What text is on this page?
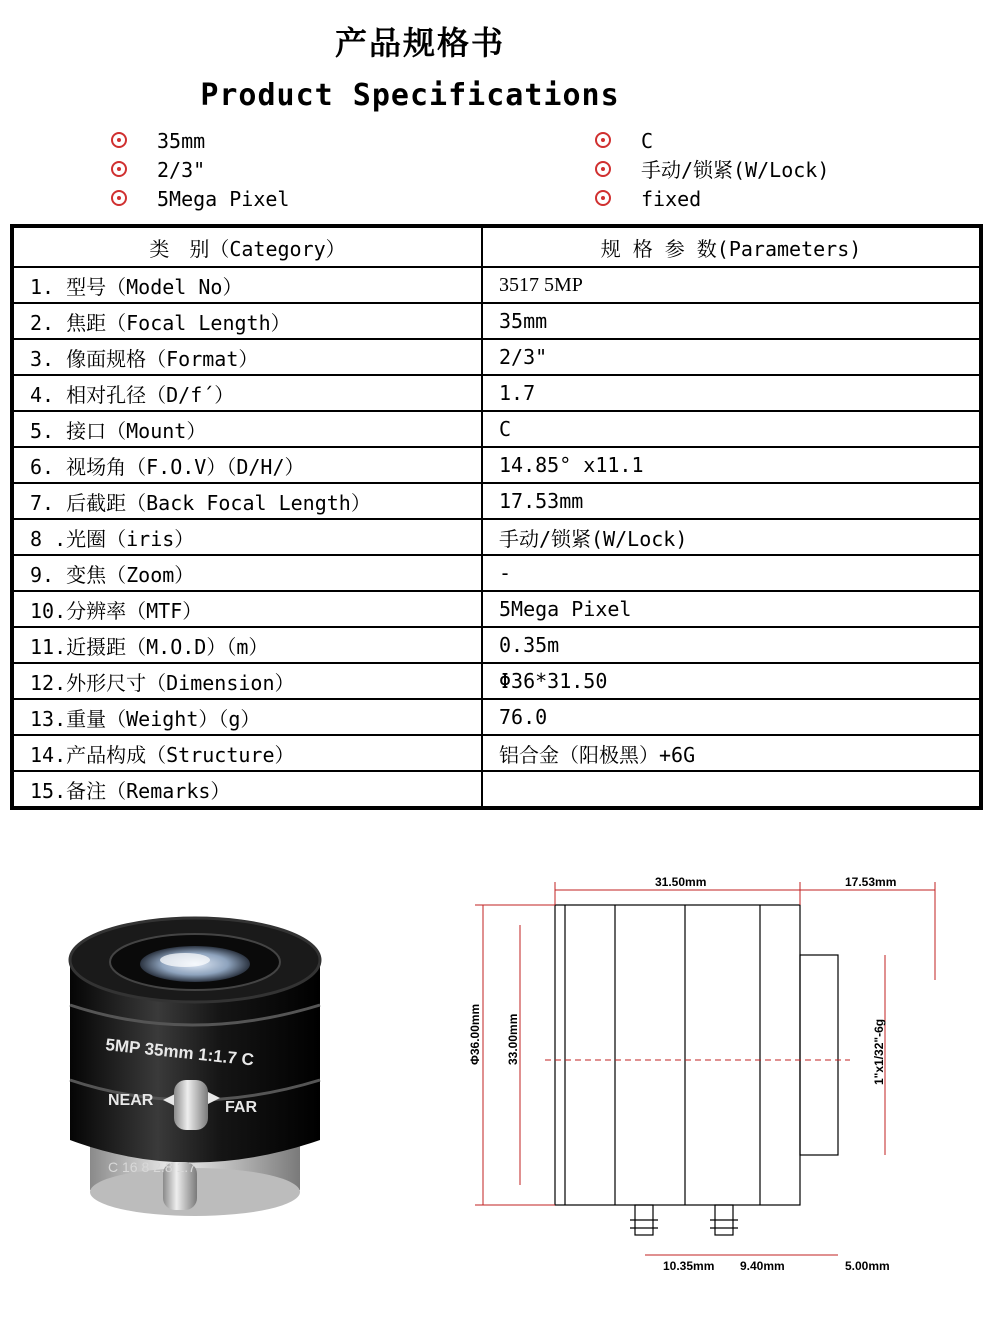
产品规格书
Product Specifications
35mm
2/3"
5Mega Pixel
C
手动/锁紧(W/Lock)
fixed
类　别（Category）	规 格 参 数(Parameters)
1. 型号（Model No）	3517 5MP
2. 焦距（Focal Length）	35mm
3. 像面规格（Format）	2/3"
4. 相对孔径（D/f´）	1.7
5. 接口（Mount）	C
6. 视场角（F.O.V）（D/H/）	14.85° x11.1
7. 后截距（Back Focal Length）	17.53mm
8 .光圈（iris）	手动/锁紧(W/Lock)
9. 变焦（Zoom）	-
10.分辨率（MTF）	5Mega Pixel
11.近摄距（M.O.D）（m）	0.35m
12.外形尺寸（Dimension）	Φ36*31.50
13.重量（Weight）（g）	76.0
14.产品构成（Structure）	铝合金（阳极黑）+6G
15.备注（Remarks）	
5MP 35mm 1:1.7 C
NEAR	FAR
C 16 8 2.8 1.7
31.50mm	17.53mm
Φ36.00mm 33.00mm	1"x1/32"-6g
10.35mm 9.40mm	5.00mm
